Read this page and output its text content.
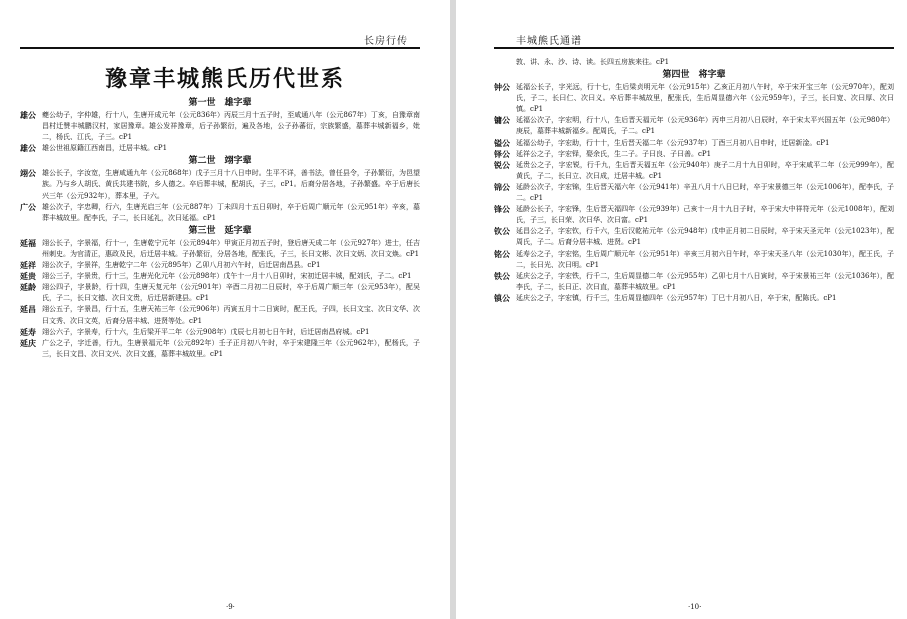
长房行传
豫章丰城熊氏历代世系
第一世　雄字辈
雄公 夔公幼子，字仲雄，行十八，生唐开成元年（公元836年）丙辰三月十五子时，至咸通八年（公元867年）丁亥，自豫章南昌村迁赞丰城鹏汉村，家居豫章。雄公发祥豫章，后子孙繁衍，遍及各地，公子孙蕃衍，宗族繁盛，墓葬丰城新福乡，妣二，杨氏、江氏，子三。cP1
雄公 雄公世祖原籍江西南昌，迁居丰城。cP1
第二世　翊字辈
翊公 雄公长子，字汝宽，生唐咸通九年（公元868年）戊子三月十八日申时。生平不详，善书法，曾任县令，子孙繁衍，为邑望族。乃与乡人胡氏、黄氏共建书院，乡人德之。卒后葬丰城，配胡氏，子三，cP1。后裔分居各地，子孙繁盛。卒于后唐长兴三年（公元932年），葬本里，子六。
广公 雄公次子，字忠卿，行六，生唐光启三年（公元887年）丁未四月十五日卯时，卒于后周广顺元年（公元951年）辛亥，墓葬丰城故里。配李氏，子二，长曰延礼，次曰延福。cP1
第三世　延字辈
延福 翊公长子，字景福，行十一，生唐乾宁元年（公元894年）甲寅正月初五子时，登后唐天成二年（公元927年）进士，任吉州刺史。为官清正，惠政及民，后迁居丰城。子孙繁衍，分居各地，配张氏，子三，长曰文彬、次曰文炳、次曰文焕。cP1
延祥 翊公次子，字景祥，生唐乾宁二年（公元895年）乙卯八月初六午时，后迁居南昌县。cP1
延贵 翊公三子，字景贵，行十三，生唐光化元年（公元898年）戊午十一月十八日卯时，宋初迁居丰城，配刘氏，子二。cP1
延龄 翊公四子，字景龄，行十四，生唐天复元年（公元901年）辛酉二月初二日辰时，卒于后周广顺三年（公元953年），配吴氏，子二，长曰文德、次曰文贵，后迁居新建县。cP1
延昌 翊公五子，字景昌，行十五，生唐天祐三年（公元906年）丙寅五月十二日寅时，配王氏，子四，长曰文宝、次曰文华、次曰文秀、次曰文英，后裔分居丰城、进贤等处。cP1
延寿 翊公六子，字景寿，行十六，生后梁开平二年（公元908年）戊辰七月初七日午时，后迁居南昌府城。cP1
延庆 广公之子，字迁善，行九，生唐景福元年（公元892年）壬子正月初八午时，卒于宋建隆三年（公元962年），配杨氏，子三，长曰文昌、次曰文兴、次曰文盛，墓葬丰城故里。cP1
·9·
丰城熊氏通谱
敦、讲、永、沙、诗、读。长四五房族来往。cP1
第四世　将字辈
钟公 延福公长子，字光远，行十七，生后梁贞明元年（公元915年）乙亥正月初八午时，卒于宋开宝三年（公元970年），配刘氏，子二，长曰仁、次曰义。卒后葬丰城故里，配张氏，生后周显德六年（公元959年），子三，长曰宽、次曰厚、次曰慎。cP1
镛公 延福公次子，字宏明，行十八，生后晋天福元年（公元936年）丙申三月初八日辰时，卒于宋太平兴国五年（公元980年）庚辰，墓葬丰城新福乡。配周氏，子二。cP1
镒公 延福公幼子，字宏助，行十十，生后晋天福二年（公元937年）丁酉三月初八日申时，迁居新淦。cP1
铎公 延祥公之子，字宏铎，娶余氏，生二子。子曰良、子曰善。cP1
锐公 延贵公之子，字宏锐，行千九，生后晋天福五年（公元940年）庚子二月十九日卯时，卒于宋咸平二年（公元999年），配黄氏，子二，长曰立、次曰成，迁居丰城。cP1
锦公 延龄公次子，字宏锦，生后晋天福六年（公元941年）辛丑八月十八日巳时，卒于宋景德三年（公元1006年），配李氏，子二。cP1
锋公 延龄公长子，字宏锋，生后晋天福四年（公元939年）己亥十一月十九日子时，卒于宋大中祥符元年（公元1008年），配刘氏，子三，长曰荣、次曰华、次曰富。cP1
钦公 延昌公之子，字宏钦，行千六，生后汉乾祐元年（公元948年）戊申正月初二日辰时，卒于宋天圣元年（公元1023年），配周氏，子二。后裔分居丰城、进贤。cP1
铭公 延寿公之子，字宏铭，生后周广顺元年（公元951年）辛亥三月初六日午时，卒于宋天圣八年（公元1030年），配王氏，子二，长曰光、次曰明。cP1
铁公 延庆公之子，字宏铁，行千二，生后周显德二年（公元955年）乙卯七月十八日寅时，卒于宋景祐三年（公元1036年），配李氏，子二，长曰正、次曰直，墓葬丰城故里。cP1
镇公 延庆公之子，字宏镇，行千三，生后周显德四年（公元957年）丁巳十月初八日，卒于宋，配陈氏。cP1
·10·
